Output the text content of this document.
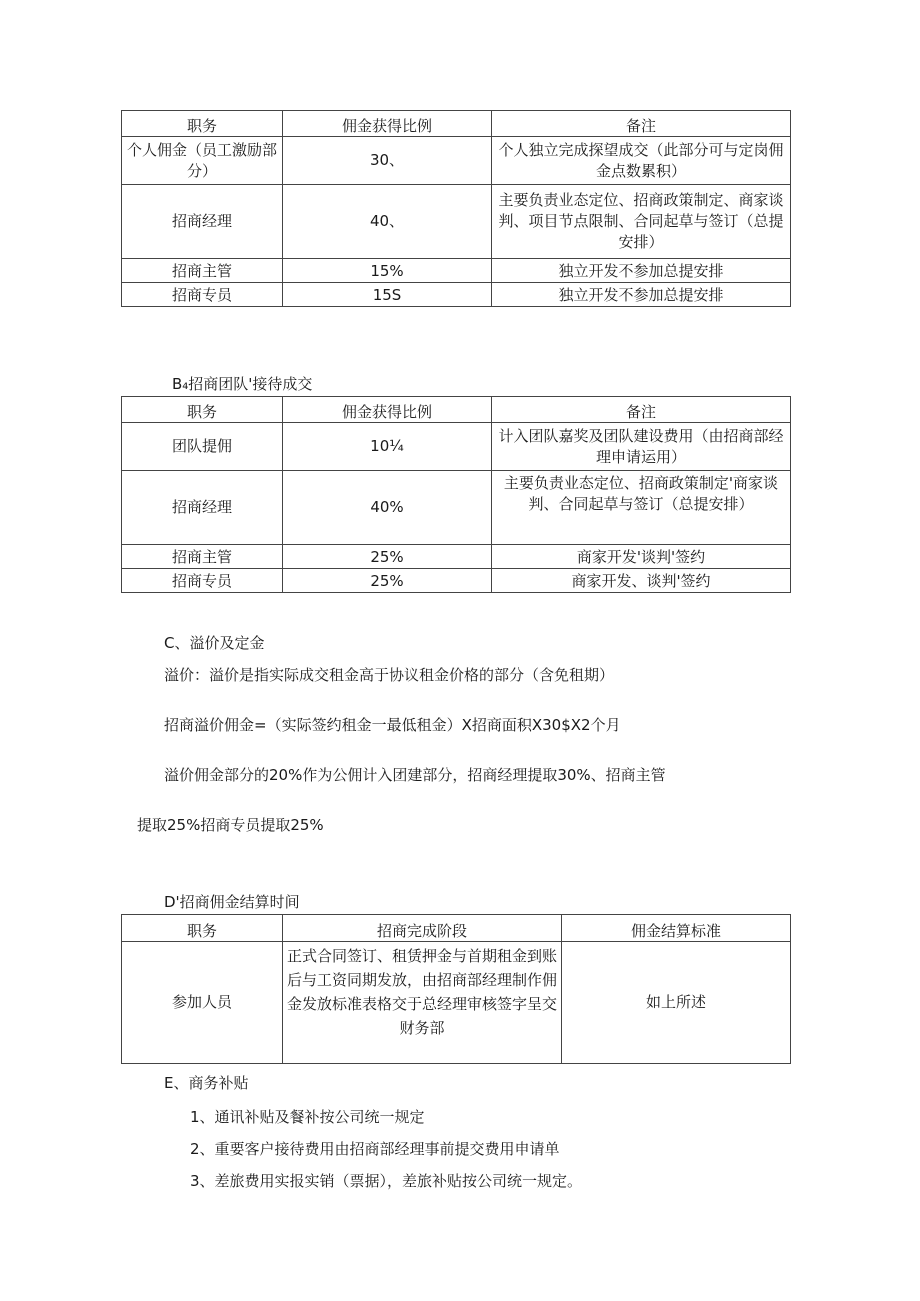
职务	佣金获得比例	备注
个人佣金（员工激励部分）	30、	个人独立完成探望成交（此部分可与定岗佣金点数累积）
招商经理	40、	主要负责业态定位、招商政策制定、商家谈判、项目节点限制、合同起草与签订（总提安排）
招商主管	15%	独立开发不参加总提安排
招商专员	15S	独立开发不参加总提安排
B₄招商团队'接待成交
职务	佣金获得比例	备注
团队提佣	10¼	计入团队嘉奖及团队建设费用（由招商部经理申请运用）
招商经理	40%	主要负责业态定位、招商政策制定'商家谈判、合同起草与签订（总提安排）
招商主管	25%	商家开发'谈判'签约
招商专员	25%	商家开发、谈判'签约
C、溢价及定金
溢价：溢价是指实际成交租金高于协议租金价格的部分（含免租期）
招商溢价佣金=（实际签约租金一最低租金）X招商面积X30$X2个月
溢价佣金部分的20%作为公佣计入团建部分，招商经理提取30%、招商主管
提取25%招商专员提取25%
D'招商佣金结算时间
职务	招商完成阶段	佣金结算标准
参加人员	正式合同签订、租赁押金与首期租金到账后与工资同期发放，由招商部经理制作佣金发放标准表格交于总经理审核签字呈交财务部	如上所述
E、商务补贴
1、通讯补贴及餐补按公司统一规定
2、重要客户接待费用由招商部经理事前提交费用申请单
3、差旅费用实报实销（票据），差旅补贴按公司统一规定。
